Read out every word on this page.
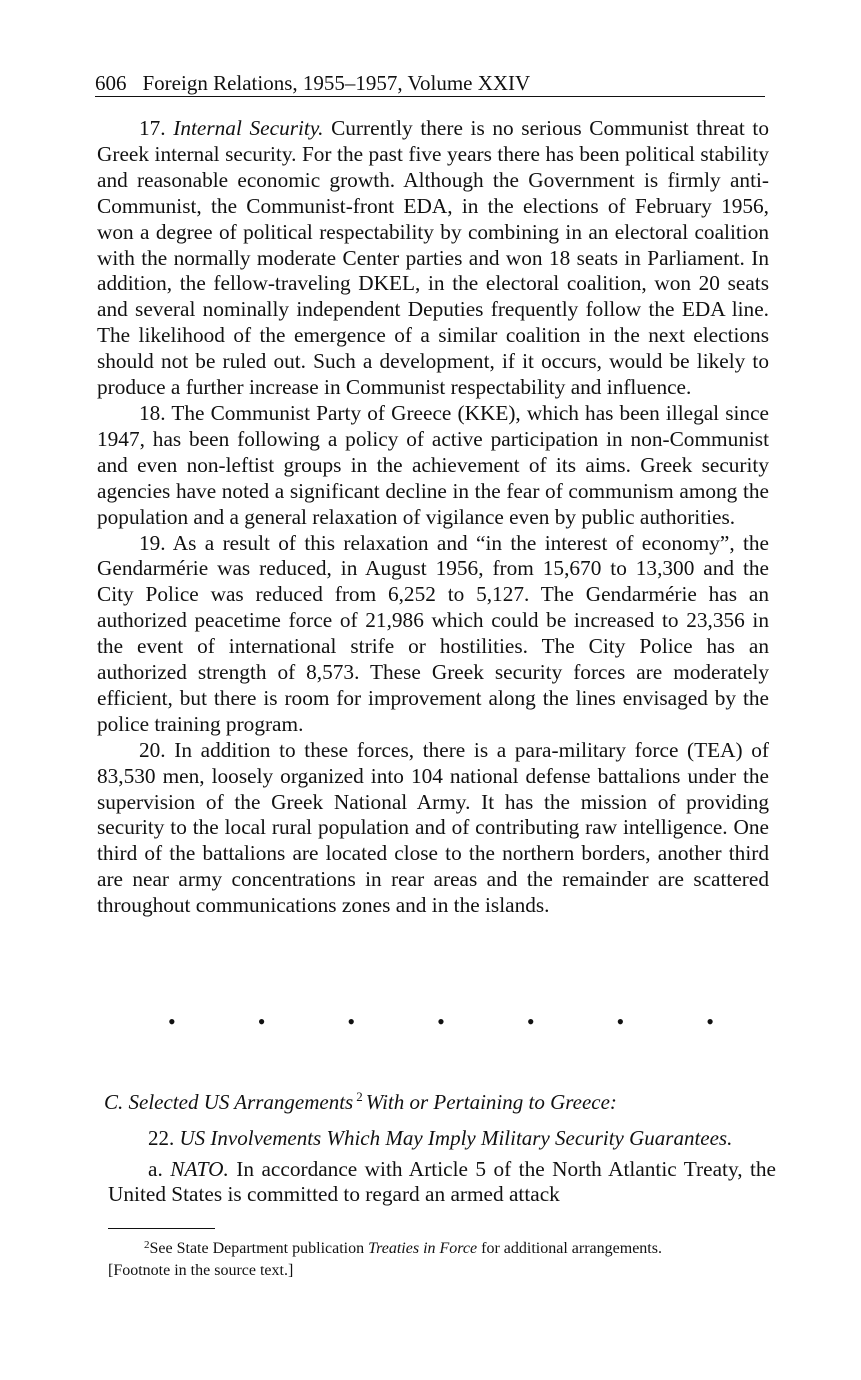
606 Foreign Relations, 1955–1957, Volume XXIV

17. Internal Security. Currently there is no serious Communist threat to Greek internal security. For the past five years there has been political stability and reasonable economic growth. Although the Government is firmly anti-Communist, the Communist-front EDA, in the elections of February 1956, won a degree of political respectability by combining in an electoral coalition with the normally moderate Center parties and won 18 seats in Parliament. In addition, the fellow-traveling DKEL, in the electoral coalition, won 20 seats and several nominally independent Deputies frequently follow the EDA line. The likelihood of the emergence of a similar coalition in the next elections should not be ruled out. Such a development, if it occurs, would be likely to produce a further increase in Communist respectability and influence.

18. The Communist Party of Greece (KKE), which has been illegal since 1947, has been following a policy of active participation in non-Communist and even non-leftist groups in the achievement of its aims. Greek security agencies have noted a significant decline in the fear of communism among the population and a general relaxation of vigilance even by public authorities.

19. As a result of this relaxation and “in the interest of economy”, the Gendarmérie was reduced, in August 1956, from 15,670 to 13,300 and the City Police was reduced from 6,252 to 5,127. The Gendarmérie has an authorized peacetime force of 21,986 which could be increased to 23,356 in the event of international strife or hostilities. The City Police has an authorized strength of 8,573. These Greek security forces are moderately efficient, but there is room for improvement along the lines envisaged by the police training program.

20. In addition to these forces, there is a para-military force (TEA) of 83,530 men, loosely organized into 104 national defense battalions under the supervision of the Greek National Army. It has the mission of providing security to the local rural population and of contributing raw intelligence. One third of the battalions are located close to the northern borders, another third are near army concentrations in rear areas and the remainder are scattered throughout communications zones and in the islands.

•	•	•	•	•	•	•
C. Selected US Arrangements $^2$ With or Pertaining to Greece:
22. US Involvements Which May Imply Military Security Guarantees.

a. NATO. In accordance with Article 5 of the North Atlantic Treaty, the United States is committed to regard an armed attack

$^2$See State Department publication Treaties in Force for additional arrangements.

[Footnote in the source text.]
